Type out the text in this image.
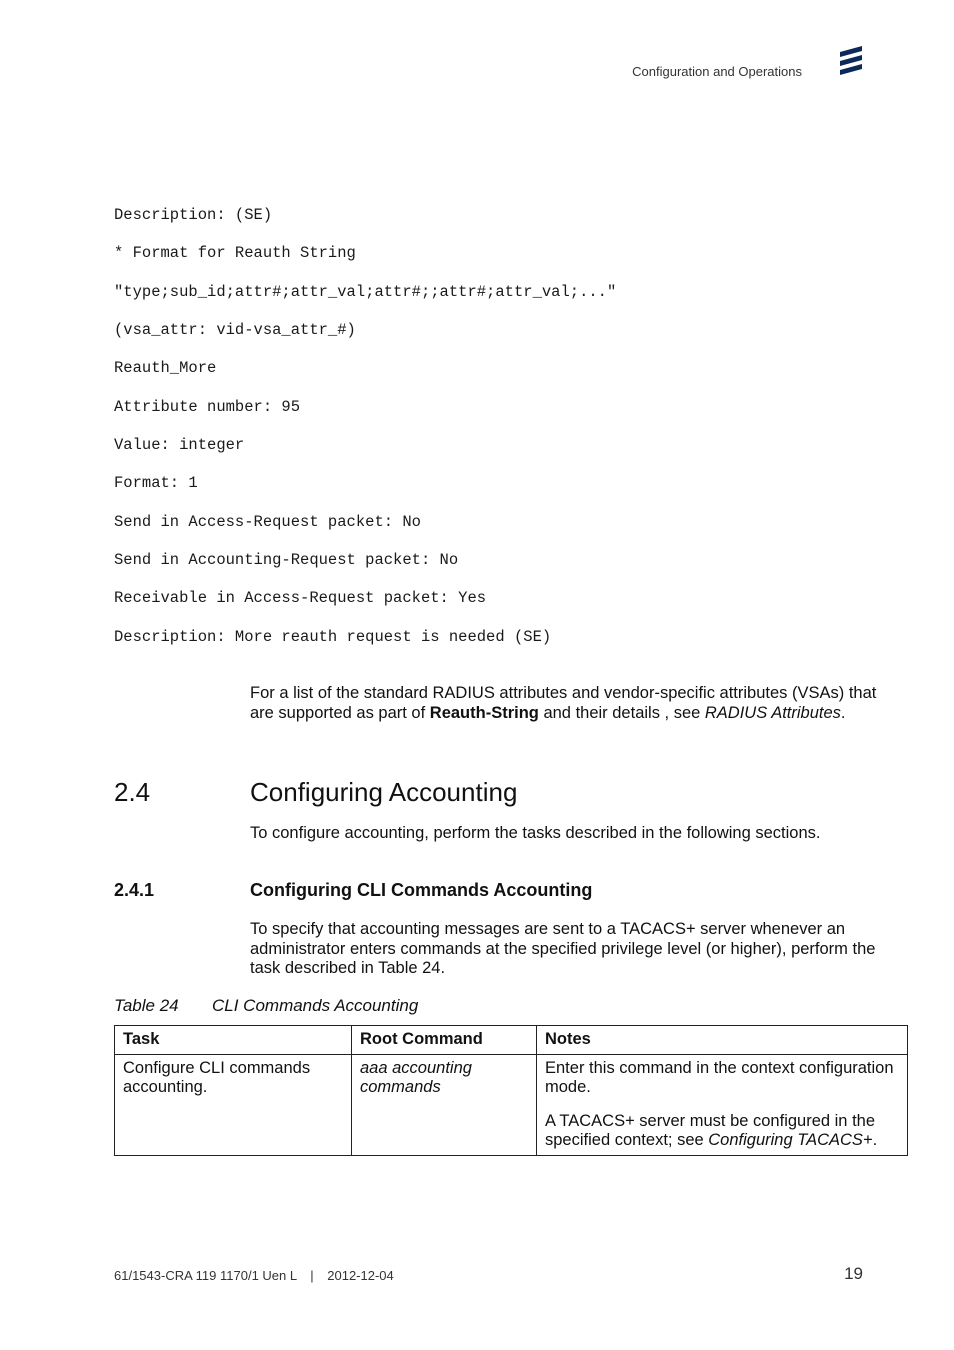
Configuration and Operations

Description: (SE)

* Format for Reauth String

"type;sub_id;attr#;attr_val;attr#;;attr#;attr_val;..."

(vsa_attr: vid-vsa_attr_#)

Reauth_More

Attribute number: 95

Value: integer

Format: 1

Send in Access-Request packet: No

Send in Accounting-Request packet: No

Receivable in Access-Request packet: Yes

Description: More reauth request is needed (SE)

For a list of the standard RADIUS attributes and vendor-specific attributes (VSAs) that are supported as part of Reauth-String and their details , see RADIUS Attributes.

2.4	Configuring Accounting

To configure accounting, perform the tasks described in the following sections.

2.4.1	Configuring CLI Commands Accounting

To specify that accounting messages are sent to a TACACS+ server whenever an administrator enters commands at the specified privilege level (or higher), perform the task described in Table 24.

Table 24 CLI Commands Accounting
Task	Root Command	Notes
Configure CLI commands accounting.	aaa accounting commands	Enter this command in the context configuration mode.

A TACACS+ server must be configured in the specified context; see Configuring TACACS+.

61/1543-CRA 119 1170/1 Uen L | 2012-12-04	19
